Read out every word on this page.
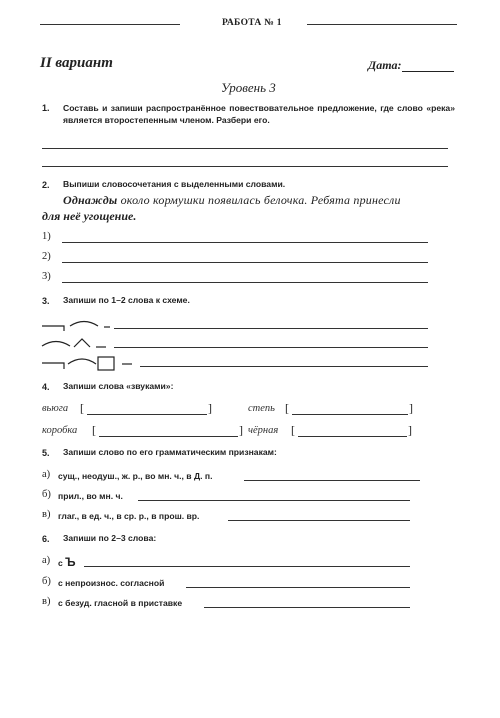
РАБОТА № 1
II вариант	Дата:
Уровень 3
1. Составь и запиши распространённое повествовательное предложение, где слово «река» является второстепенным членом. Разбери его.
2. Выпиши словосочетания с выделенными словами.
Однажды около кормушки появилась белочка. Ребята принесли
для неё угощение.
1)
2)
3)
3. Запиши по 1–2 слова к схеме.
4. Запиши слова «звуками»:
вьюга [	]	степь [	]
коробка [	] чёрная [	]
5. Запиши слово по его грамматическим признакам:
а) сущ., неодуш., ж. р., во мн. ч., в Д. п.
б) прил., во мн. ч.
в) глаг., в ед. ч., в ср. р., в прош. вр.
6. Запиши по 2–3 слова:
а) с Ъ
б) с непроизнос. согласной
в) с безуд. гласной в приставке
